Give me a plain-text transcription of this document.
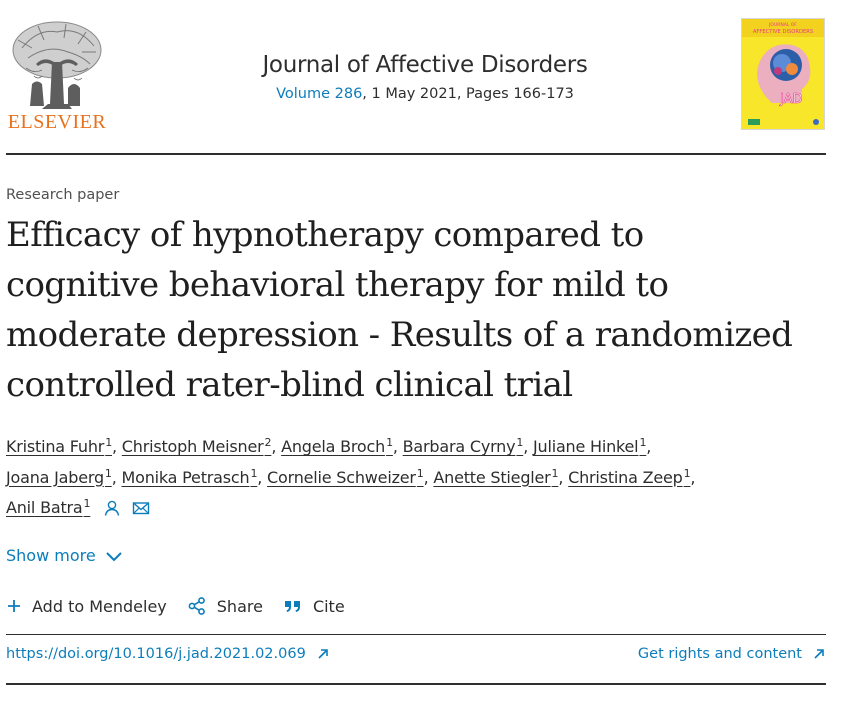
ELSEVIER
Journal of Affective Disorders
Volume 286, 1 May 2021, Pages 166-173
JOURNAL OF
AFFECTIVE DISORDERS
JAD
Research paper
Efficacy of hypnotherapy compared to
cognitive behavioral therapy for mild to
moderate depression - Results of a randomized
controlled rater-blind clinical trial
Kristina Fuhr$^1$, Christoph Meisner$^2$, Angela Broch$^1$, Barbara Cyrny$^1$, Juliane Hinkel$^1$,
Joana Jaberg$^1$, Monika Petrasch$^1$, Cornelie Schweizer$^1$, Anette Stiegler$^1$, Christina Zeep$^1$,
Anil Batra$^1$
Show more
Add to Mendeley	Share	Cite
https://doi.org/10.1016/j.jad.2021.02.069	Get rights and content
